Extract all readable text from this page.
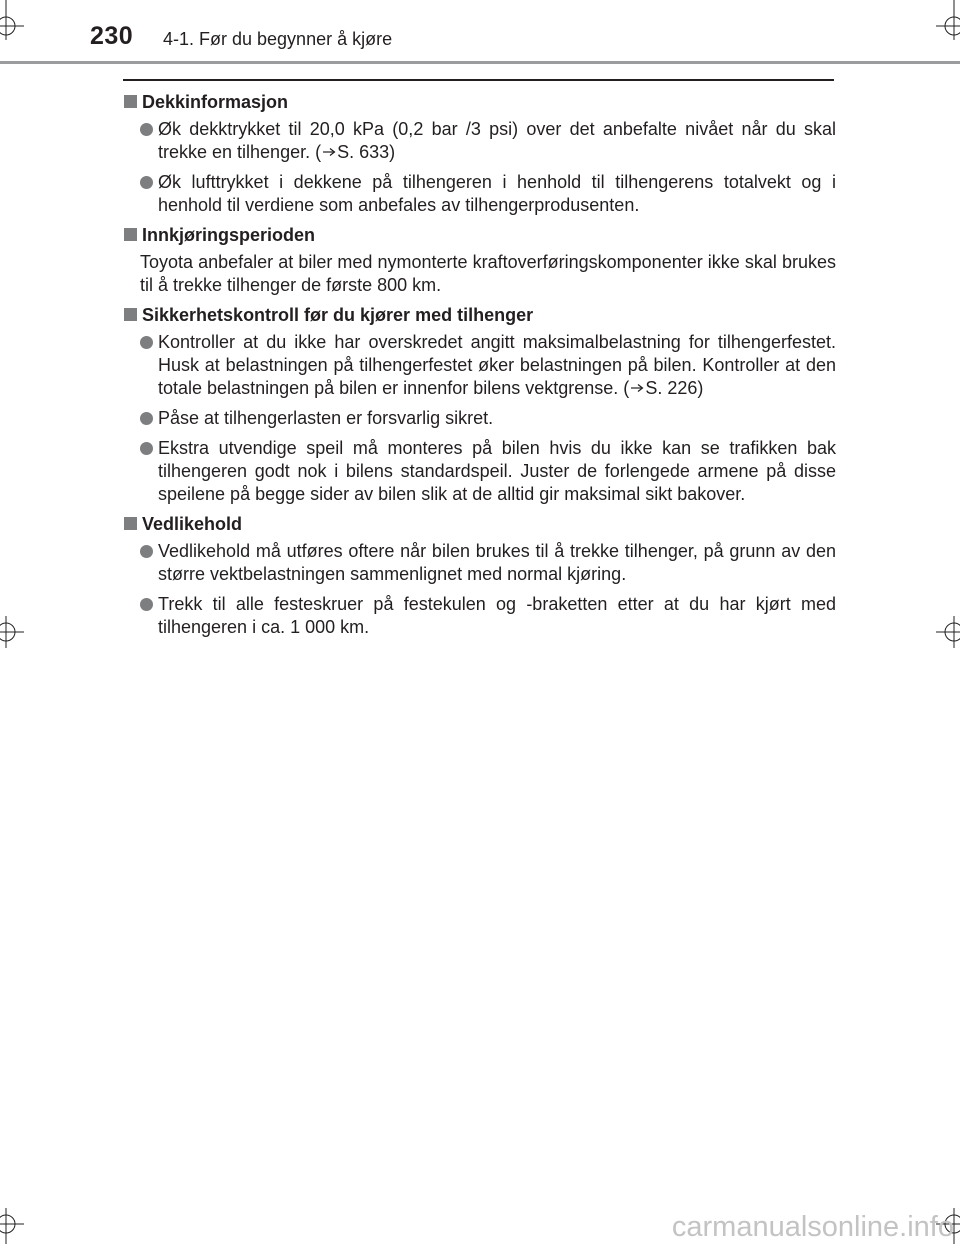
230 4-1. Før du begynner å kjøre
Dekkinformasjon
Øk dekktrykket til 20,0 kPa (0,2 bar /3 psi) over det anbefalte nivået når du skal trekke en tilhenger. ( S. 633)
Øk lufttrykket i dekkene på tilhengeren i henhold til tilhengerens totalvekt og i henhold til verdiene som anbefales av tilhengerprodusenten.
Innkjøringsperioden
Toyota anbefaler at biler med nymonterte kraftoverføringskomponenter ikke skal brukes til å trekke tilhenger de første 800 km.
Sikkerhetskontroll før du kjører med tilhenger
Kontroller at du ikke har overskredet angitt maksimalbelastning for tilhengerfestet. Husk at belastningen på tilhengerfestet øker belastningen på bilen. Kontroller at den totale belastningen på bilen er innenfor bilens vektgrense. ( S. 226)
Påse at tilhengerlasten er forsvarlig sikret.
Ekstra utvendige speil må monteres på bilen hvis du ikke kan se trafikken bak tilhengeren godt nok i bilens standardspeil. Juster de forlengede armene på disse speilene på begge sider av bilen slik at de alltid gir maksimal sikt bakover.
Vedlikehold
Vedlikehold må utføres oftere når bilen brukes til å trekke tilhenger, på grunn av den større vektbelastningen sammenlignet med normal kjøring.
Trekk til alle festeskruer på festekulen og -braketten etter at du har kjørt med tilhengeren i ca. 1 000 km.
carmanualsonline.info
